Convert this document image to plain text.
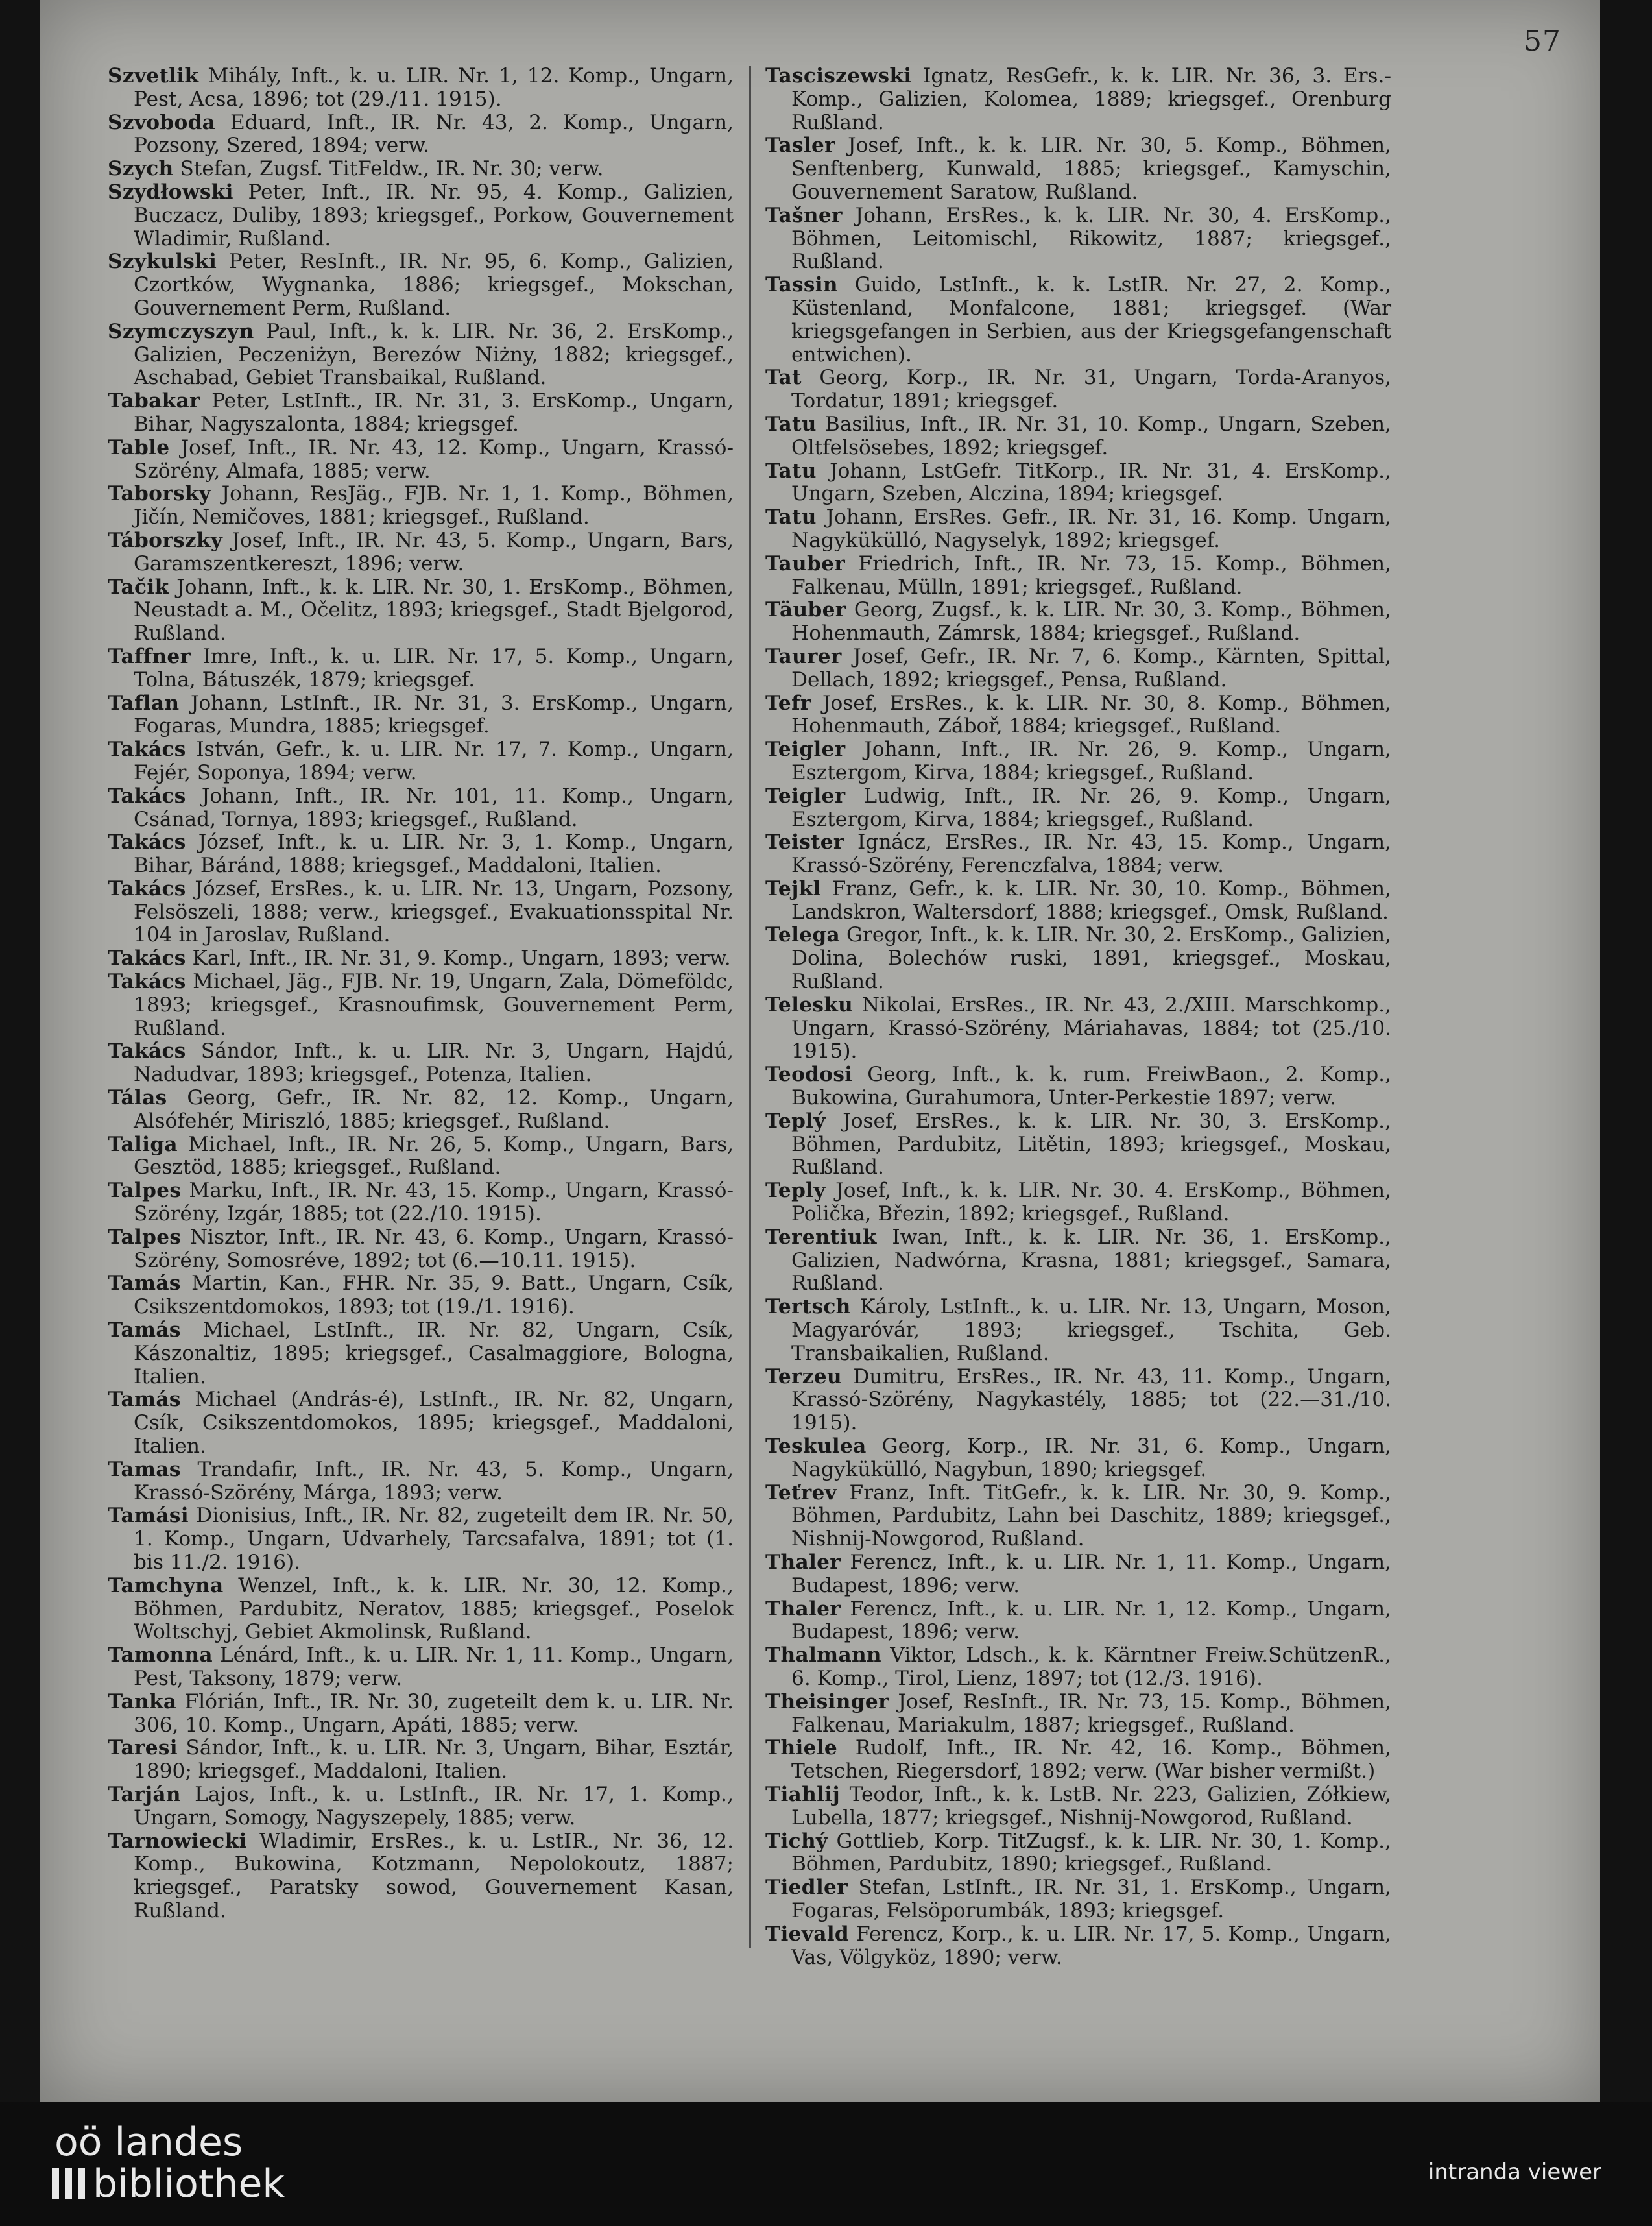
57

Szvetlik Mihály, Inft., k. u. LIR. Nr. 1, 12. Komp., Ungarn, Pest, Acsa, 1896; tot (29./11. 1915).

Szvoboda Eduard, Inft., IR. Nr. 43, 2. Komp., Ungarn, Pozsony, Szered, 1894; verw.

Szych Stefan, Zugsf. TitFeldw., IR. Nr. 30; verw.

Szydłowski Peter, Inft., IR. Nr. 95, 4. Komp., Galizien, Buczacz, Duliby, 1893; kriegsgef., Porkow, Gouvernement Wladimir, Rußland.

Szykulski Peter, ResInft., IR. Nr. 95, 6. Komp., Galizien, Czortków, Wygnanka, 1886; kriegsgef., Mokschan, Gouvernement Perm, Rußland.

Szymczyszyn Paul, Inft., k. k. LIR. Nr. 36, 2. ErsKomp., Galizien, Peczeniżyn, Berezów Niżny, 1882; kriegsgef., Aschabad, Gebiet Transbaikal, Rußland.

Tabakar Peter, LstInft., IR. Nr. 31, 3. ErsKomp., Ungarn, Bihar, Nagyszalonta, 1884; kriegsgef.

Table Josef, Inft., IR. Nr. 43, 12. Komp., Ungarn, Krassó-Szörény, Almafa, 1885; verw.

Taborsky Johann, ResJäg., FJB. Nr. 1, 1. Komp., Böhmen, Jičín, Nemičoves, 1881; kriegsgef., Rußland.

Táborszky Josef, Inft., IR. Nr. 43, 5. Komp., Ungarn, Bars, Garamszentkereszt, 1896; verw.

Tačik Johann, Inft., k. k. LIR. Nr. 30, 1. ErsKomp., Böhmen, Neustadt a. M., Očelitz, 1893; kriegsgef., Stadt Bjelgorod, Rußland.

Taffner Imre, Inft., k. u. LIR. Nr. 17, 5. Komp., Ungarn, Tolna, Bátuszék, 1879; kriegsgef.

Taflan Johann, LstInft., IR. Nr. 31, 3. ErsKomp., Ungarn, Fogaras, Mundra, 1885; kriegsgef.

Takács István, Gefr., k. u. LIR. Nr. 17, 7. Komp., Ungarn, Fejér, Soponya, 1894; verw.

Takács Johann, Inft., IR. Nr. 101, 11. Komp., Ungarn, Csánad, Tornya, 1893; kriegsgef., Rußland.

Takács József, Inft., k. u. LIR. Nr. 3, 1. Komp., Ungarn, Bihar, Báránd, 1888; kriegsgef., Maddaloni, Italien.

Takács József, ErsRes., k. u. LIR. Nr. 13, Ungarn, Pozsony, Felsöszeli, 1888; verw., kriegsgef., Evakuationsspital Nr. 104 in Jaroslav, Rußland.

Takács Karl, Inft., IR. Nr. 31, 9. Komp., Ungarn, 1893; verw.

Takács Michael, Jäg., FJB. Nr. 19, Ungarn, Zala, Dömeföldc, 1893; kriegsgef., Krasnoufimsk, Gouvernement Perm, Rußland.

Takács Sándor, Inft., k. u. LIR. Nr. 3, Ungarn, Hajdú, Nadudvar, 1893; kriegsgef., Potenza, Italien.

Tálas Georg, Gefr., IR. Nr. 82, 12. Komp., Ungarn, Alsófehér, Miriszló, 1885; kriegsgef., Rußland.

Taliga Michael, Inft., IR. Nr. 26, 5. Komp., Ungarn, Bars, Gesztöd, 1885; kriegsgef., Rußland.

Talpes Marku, Inft., IR. Nr. 43, 15. Komp., Ungarn, Krassó-Szörény, Izgár, 1885; tot (22./10. 1915).

Talpes Nisztor, Inft., IR. Nr. 43, 6. Komp., Ungarn, Krassó-Szörény, Somosréve, 1892; tot (6.—10.11. 1915).

Tamás Martin, Kan., FHR. Nr. 35, 9. Batt., Ungarn, Csík, Csikszentdomokos, 1893; tot (19./1. 1916).

Tamás Michael, LstInft., IR. Nr. 82, Ungarn, Csík, Kászonaltiz, 1895; kriegsgef., Casalmaggiore, Bologna, Italien.

Tamás Michael (András-é), LstInft., IR. Nr. 82, Ungarn, Csík, Csikszentdomokos, 1895; kriegsgef., Maddaloni, Italien.

Tamas Trandafir, Inft., IR. Nr. 43, 5. Komp., Ungarn, Krassó-Szörény, Márga, 1893; verw.

Tamási Dionisius, Inft., IR. Nr. 82, zugeteilt dem IR. Nr. 50, 1. Komp., Ungarn, Udvarhely, Tarcsafalva, 1891; tot (1. bis 11./2. 1916).

Tamchyna Wenzel, Inft., k. k. LIR. Nr. 30, 12. Komp., Böhmen, Pardubitz, Neratov, 1885; kriegsgef., Poselok Woltschyj, Gebiet Akmolinsk, Rußland.

Tamonna Lénárd, Inft., k. u. LIR. Nr. 1, 11. Komp., Ungarn, Pest, Taksony, 1879; verw.

Tanka Flórián, Inft., IR. Nr. 30, zugeteilt dem k. u. LIR. Nr. 306, 10. Komp., Ungarn, Apáti, 1885; verw.

Taresi Sándor, Inft., k. u. LIR. Nr. 3, Ungarn, Bihar, Esztár, 1890; kriegsgef., Maddaloni, Italien.

Tarján Lajos, Inft., k. u. LstInft., IR. Nr. 17, 1. Komp., Ungarn, Somogy, Nagyszepely, 1885; verw.

Tarnowiecki Wladimir, ErsRes., k. u. LstIR., Nr. 36, 12. Komp., Bukowina, Kotzmann, Nepolokoutz, 1887; kriegsgef., Paratsky sowod, Gouvernement Kasan, Rußland.

Tasciszewski Ignatz, ResGefr., k. k. LIR. Nr. 36, 3. Ers.-Komp., Galizien, Kolomea, 1889; kriegsgef., Orenburg Rußland.

Tasler Josef, Inft., k. k. LIR. Nr. 30, 5. Komp., Böhmen, Senftenberg, Kunwald, 1885; kriegsgef., Kamyschin, Gouvernement Saratow, Rußland.

Tašner Johann, ErsRes., k. k. LIR. Nr. 30, 4. ErsKomp., Böhmen, Leitomischl, Rikowitz, 1887; kriegsgef., Rußland.

Tassin Guido, LstInft., k. k. LstIR. Nr. 27, 2. Komp., Küstenland, Monfalcone, 1881; kriegsgef. (War kriegsgefangen in Serbien, aus der Kriegsgefangenschaft entwichen).

Tat Georg, Korp., IR. Nr. 31, Ungarn, Torda-Aranyos, Tordatur, 1891; kriegsgef.

Tatu Basilius, Inft., IR. Nr. 31, 10. Komp., Ungarn, Szeben, Oltfelsösebes, 1892; kriegsgef.

Tatu Johann, LstGefr. TitKorp., IR. Nr. 31, 4. ErsKomp., Ungarn, Szeben, Alczina, 1894; kriegsgef.

Tatu Johann, ErsRes. Gefr., IR. Nr. 31, 16. Komp. Ungarn, Nagykükülló, Nagyselyk, 1892; kriegsgef.

Tauber Friedrich, Inft., IR. Nr. 73, 15. Komp., Böhmen, Falkenau, Mülln, 1891; kriegsgef., Rußland.

Täuber Georg, Zugsf., k. k. LIR. Nr. 30, 3. Komp., Böhmen, Hohenmauth, Zámrsk, 1884; kriegsgef., Rußland.

Taurer Josef, Gefr., IR. Nr. 7, 6. Komp., Kärnten, Spittal, Dellach, 1892; kriegsgef., Pensa, Rußland.

Tefr Josef, ErsRes., k. k. LIR. Nr. 30, 8. Komp., Böhmen, Hohenmauth, Záboř, 1884; kriegsgef., Rußland.

Teigler Johann, Inft., IR. Nr. 26, 9. Komp., Ungarn, Esztergom, Kirva, 1884; kriegsgef., Rußland.

Teigler Ludwig, Inft., IR. Nr. 26, 9. Komp., Ungarn, Esztergom, Kirva, 1884; kriegsgef., Rußland.

Teister Ignácz, ErsRes., IR. Nr. 43, 15. Komp., Ungarn, Krassó-Szörény, Ferenczfalva, 1884; verw.

Tejkl Franz, Gefr., k. k. LIR. Nr. 30, 10. Komp., Böhmen, Landskron, Waltersdorf, 1888; kriegsgef., Omsk, Rußland.

Telega Gregor, Inft., k. k. LIR. Nr. 30, 2. ErsKomp., Galizien, Dolina, Bolechów ruski, 1891, kriegsgef., Moskau, Rußland.

Telesku Nikolai, ErsRes., IR. Nr. 43, 2./XIII. Marschkomp., Ungarn, Krassó-Szörény, Máriahavas, 1884; tot (25./10. 1915).

Teodosi Georg, Inft., k. k. rum. FreiwBaon., 2. Komp., Bukowina, Gurahumora, Unter-Perkestie 1897; verw.

Teplý Josef, ErsRes., k. k. LIR. Nr. 30, 3. ErsKomp., Böhmen, Pardubitz, Litětin, 1893; kriegsgef., Moskau, Rußland.

Teply Josef, Inft., k. k. LIR. Nr. 30. 4. ErsKomp., Böhmen, Polička, Březin, 1892; kriegsgef., Rußland.

Terentiuk Iwan, Inft., k. k. LIR. Nr. 36, 1. ErsKomp., Galizien, Nadwórna, Krasna, 1881; kriegsgef., Samara, Rußland.

Tertsch Károly, LstInft., k. u. LIR. Nr. 13, Ungarn, Moson, Magyaróvár, 1893; kriegsgef., Tschita, Geb. Transbaikalien, Rußland.

Terzeu Dumitru, ErsRes., IR. Nr. 43, 11. Komp., Ungarn, Krassó-Szörény, Nagykastély, 1885; tot (22.—31./10. 1915).

Teskulea Georg, Korp., IR. Nr. 31, 6. Komp., Ungarn, Nagykükülló, Nagybun, 1890; kriegsgef.

Teťrev Franz, Inft. TitGefr., k. k. LIR. Nr. 30, 9. Komp., Böhmen, Pardubitz, Lahn bei Daschitz, 1889; kriegsgef., Nishnij-Nowgorod, Rußland.

Thaler Ferencz, Inft., k. u. LIR. Nr. 1, 11. Komp., Ungarn, Budapest, 1896; verw.

Thaler Ferencz, Inft., k. u. LIR. Nr. 1, 12. Komp., Ungarn, Budapest, 1896; verw.

Thalmann Viktor, Ldsch., k. k. Kärntner Freiw.SchützenR., 6. Komp., Tirol, Lienz, 1897; tot (12./3. 1916).

Theisinger Josef, ResInft., IR. Nr. 73, 15. Komp., Böhmen, Falkenau, Mariakulm, 1887; kriegsgef., Rußland.

Thiele Rudolf, Inft., IR. Nr. 42, 16. Komp., Böhmen, Tetschen, Riegersdorf, 1892; verw. (War bisher vermißt.)

Tiahlij Teodor, Inft., k. k. LstB. Nr. 223, Galizien, Zółkiew, Lubella, 1877; kriegsgef., Nishnij-Nowgorod, Rußland.

Tichý Gottlieb, Korp. TitZugsf., k. k. LIR. Nr. 30, 1. Komp., Böhmen, Pardubitz, 1890; kriegsgef., Rußland.

Tiedler Stefan, LstInft., IR. Nr. 31, 1. ErsKomp., Ungarn, Fogaras, Felsöporumbák, 1893; kriegsgef.

Tievald Ferencz, Korp., k. u. LIR. Nr. 17, 5. Komp., Ungarn, Vas, Völgyköz, 1890; verw.

oö landes
bibliothek	intranda viewer
